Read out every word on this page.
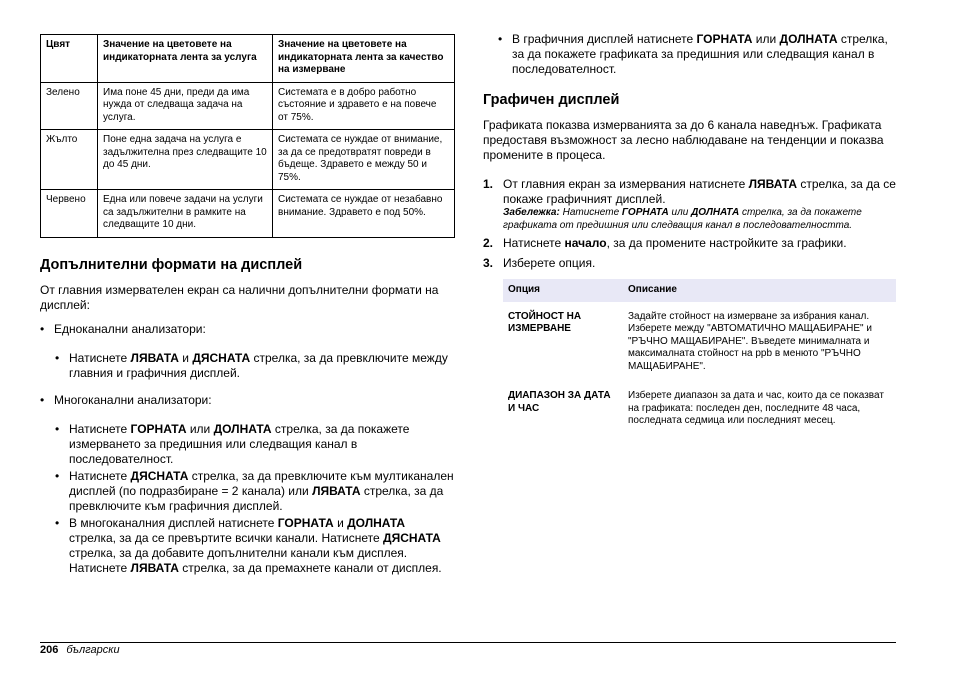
Цвят	Значение на цветовете на индикаторната лента за услуга	Значение на цветовете на индикаторната лента за качество на измерване
Зелено	Има поне 45 дни, преди да има нужда от следваща задача на услуга.	Системата е в добро работно състояние и здравето е на повече от 75%.
Жълто	Поне една задача на услуга е задължителна през следващите 10 до 45 дни.	Системата се нуждае от внимание, за да се предотвратят повреди в бъдеще. Здравето е между 50 и 75%.
Червено	Една или повече задачи на услуги са задължителни в рамките на следващите 10 дни.	Системата се нуждае от незабавно внимание. Здравето е под 50%.
Допълнителни формати на дисплей

От главния измервателен екран са налични допълнителни формати на дисплей:

• Едноканални анализатори:
• Натиснете ЛЯВАТА и ДЯСНАТА стрелка, за да превключите между главния и графичния дисплей.
• Многоканални анализатори:
• Натиснете ГОРНАТА или ДОЛНАТА стрелка, за да покажете измерването за предишния или следващия канал в последователност.
• Натиснете ДЯСНАТА стрелка, за да превключите към мултиканален дисплей (по подразбиране = 2 канала) или ЛЯВАТА стрелка, за да превключите към графичния дисплей.
• В многоканалния дисплей натиснете ГОРНАТА и ДОЛНАТА стрелка, за да се превъртите всички канали. Натиснете ДЯСНАТА стрелка, за да добавите допълнителни канали към дисплея. Натиснете ЛЯВАТА стрелка, за да премахнете канали от дисплея.
• В графичния дисплей натиснете ГОРНАТА или ДОЛНАТА стрелка, за да покажете графиката за предишния или следващия канал в последователност.
Графичен дисплей

Графиката показва измерванията за до 6 канала наведнъж. Графиката предоставя възможност за лесно наблюдаване на тенденции и показва промените в процеса.

1. От главния екран за измервания натиснете ЛЯВАТА стрелка, за да се покаже графичният дисплей.
Забележка: Натиснете ГОРНАТА или ДОЛНАТА стрелка, за да покажете графиката от предишния или следващия канал в последователността.
2. Натиснете начало, за да промените настройките за графики.
3. Изберете опция.
Опция	Описание
СТОЙНОСТ НА ИЗМЕРВАНЕ	Задайте стойност на измерване за избрания канал. Изберете между "АВТОМАТИЧНО МАЩАБИРАНЕ" и "РЪЧНО МАЩАБИРАНЕ". Въведете минималната и максималната стойност на ppb в менюто "РЪЧНО МАЩАБИРАНЕ".
ДИАПАЗОН ЗА ДАТА И ЧАС	Изберете диапазон за дата и час, които да се показват на графиката: последен ден, последните 48 часа, последната седмица или последният месец.
206 български
